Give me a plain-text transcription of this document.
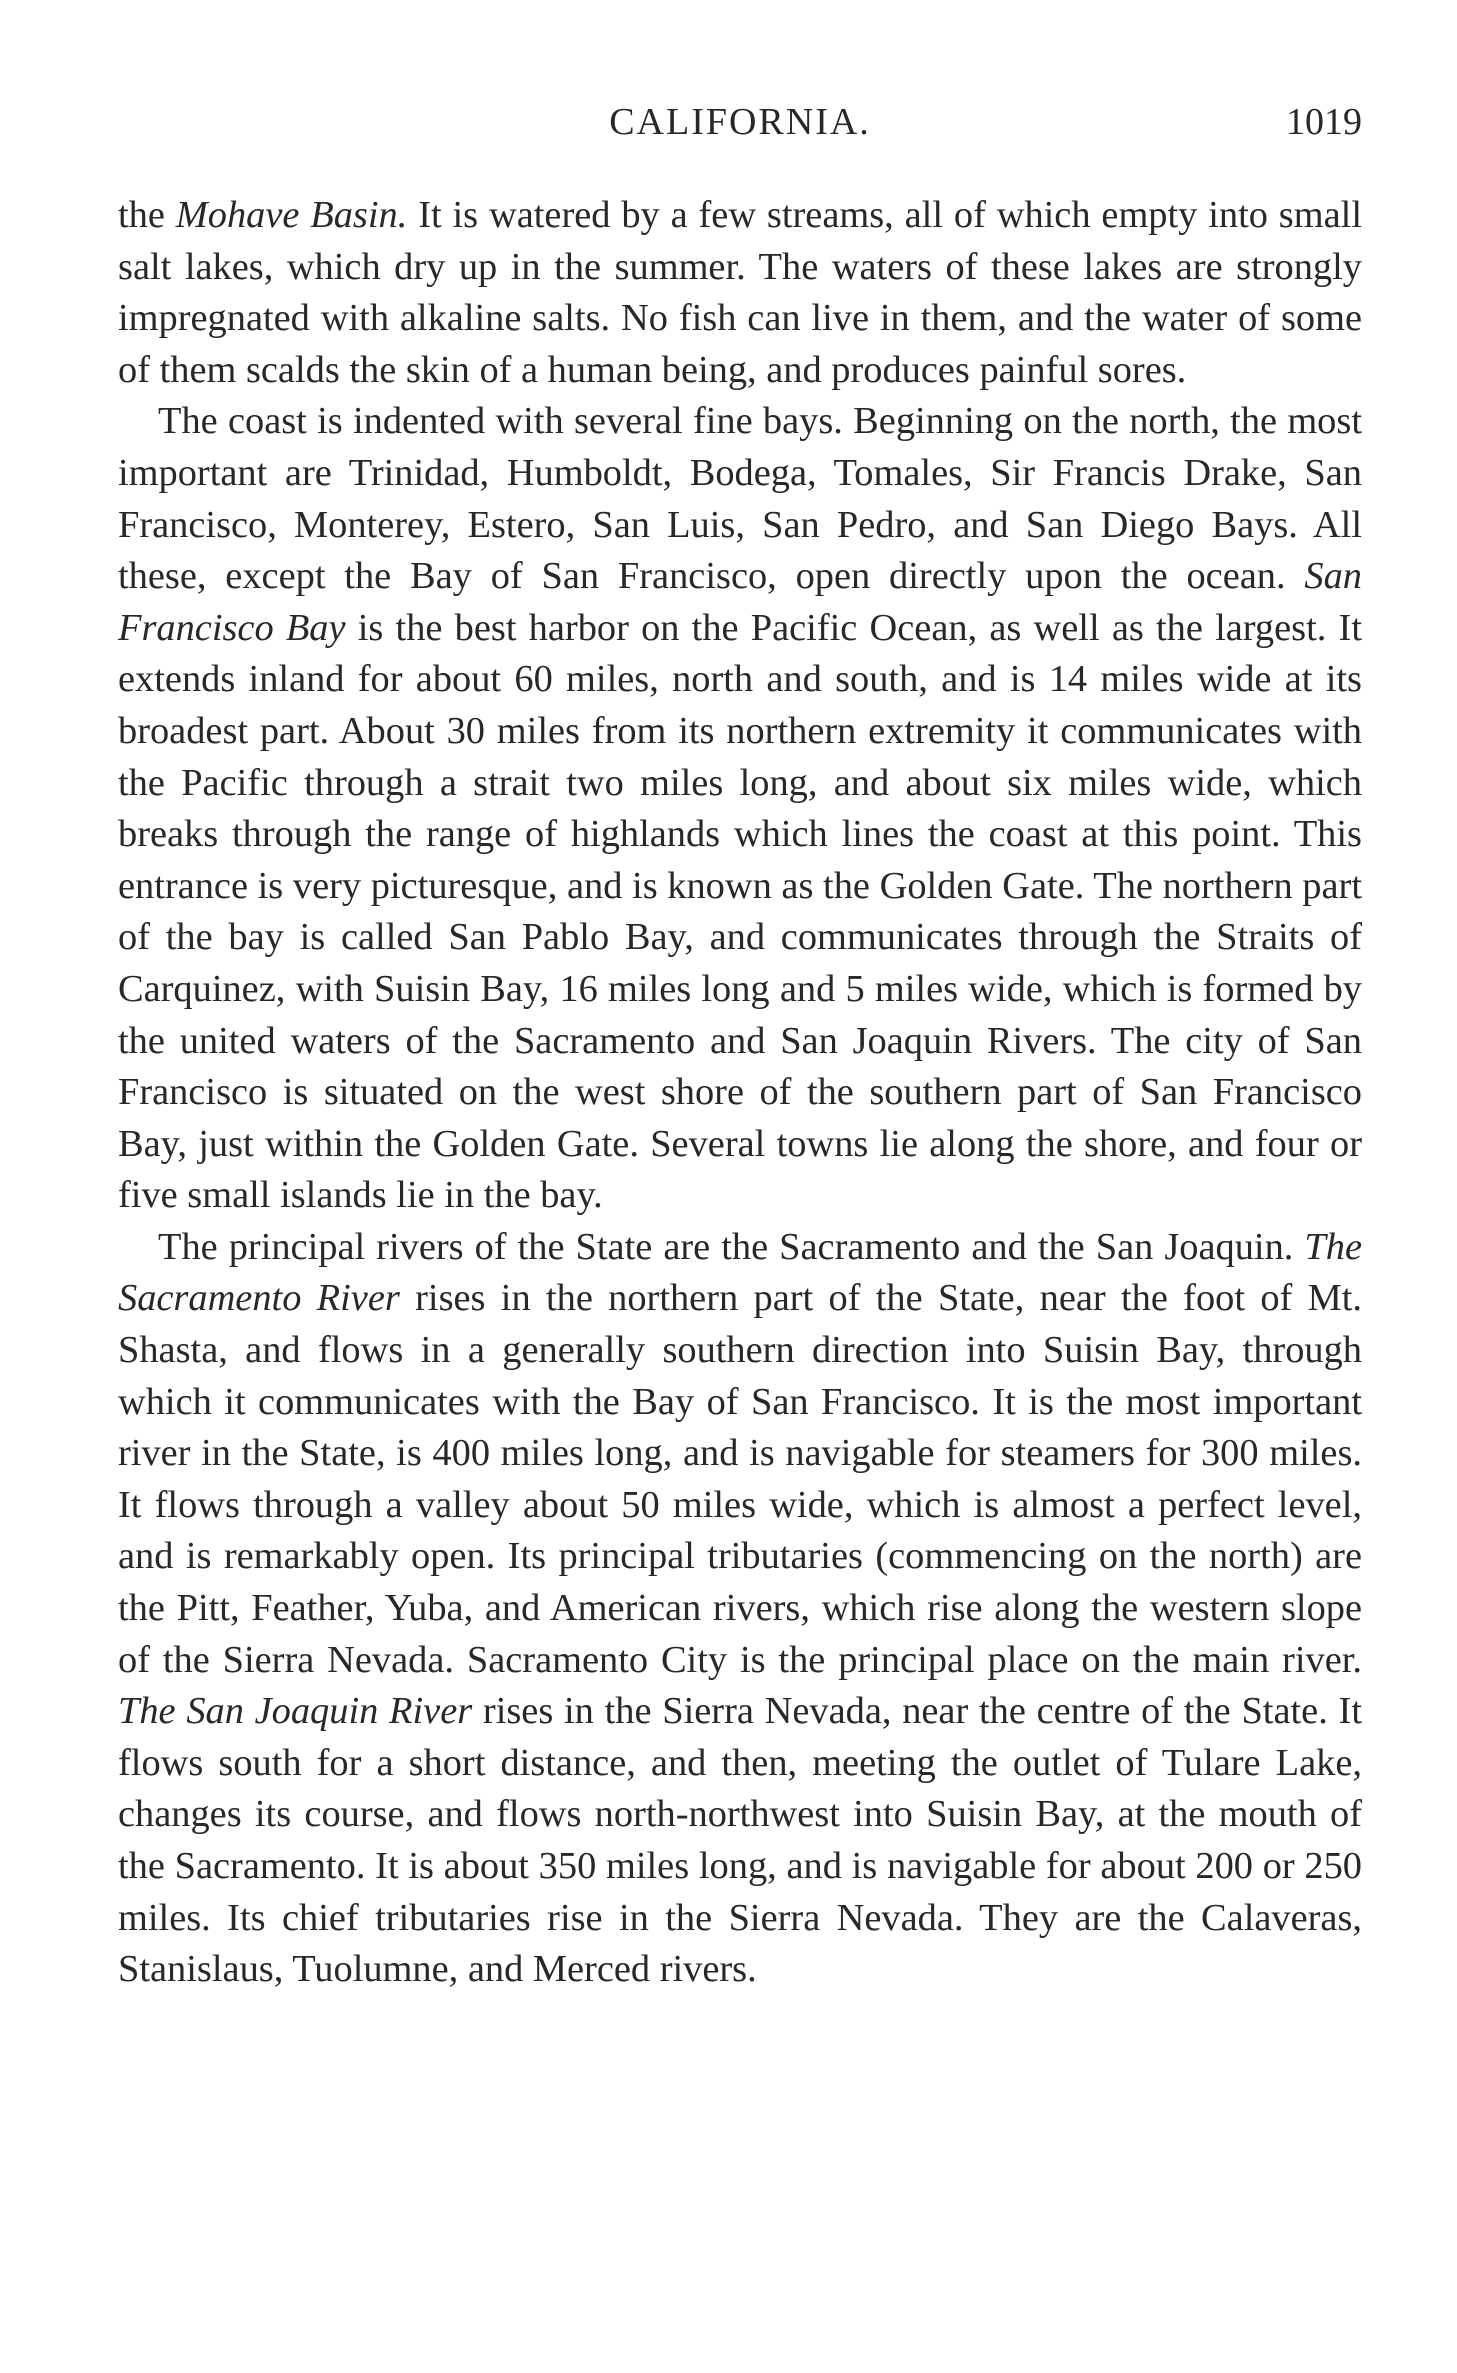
CALIFORNIA.	1019

the Mohave Basin. It is watered by a few streams, all of which empty into small salt lakes, which dry up in the summer. The waters of these lakes are strongly impregnated with alkaline salts. No fish can live in them, and the water of some of them scalds the skin of a human being, and produces painful sores.

The coast is indented with several fine bays. Beginning on the north, the most important are Trinidad, Humboldt, Bodega, Tomales, Sir Francis Drake, San Francisco, Monterey, Estero, San Luis, San Pedro, and San Diego Bays. All these, except the Bay of San Francisco, open directly upon the ocean. San Francisco Bay is the best harbor on the Pacific Ocean, as well as the largest. It extends inland for about 60 miles, north and south, and is 14 miles wide at its broadest part. About 30 miles from its northern extremity it communicates with the Pacific through a strait two miles long, and about six miles wide, which breaks through the range of highlands which lines the coast at this point. This entrance is very picturesque, and is known as the Golden Gate. The northern part of the bay is called San Pablo Bay, and communicates through the Straits of Carquinez, with Suisin Bay, 16 miles long and 5 miles wide, which is formed by the united waters of the Sacramento and San Joaquin Rivers. The city of San Francisco is situated on the west shore of the southern part of San Francisco Bay, just within the Golden Gate. Several towns lie along the shore, and four or five small islands lie in the bay.

The principal rivers of the State are the Sacramento and the San Joaquin. The Sacramento River rises in the northern part of the State, near the foot of Mt. Shasta, and flows in a generally southern direction into Suisin Bay, through which it communicates with the Bay of San Francisco. It is the most important river in the State, is 400 miles long, and is navigable for steamers for 300 miles. It flows through a valley about 50 miles wide, which is almost a perfect level, and is remarkably open. Its principal tributaries (commencing on the north) are the Pitt, Feather, Yuba, and American rivers, which rise along the western slope of the Sierra Nevada. Sacramento City is the principal place on the main river. The San Joaquin River rises in the Sierra Nevada, near the centre of the State. It flows south for a short distance, and then, meeting the outlet of Tulare Lake, changes its course, and flows north-northwest into Suisin Bay, at the mouth of the Sacramento. It is about 350 miles long, and is navigable for about 200 or 250 miles. Its chief tributaries rise in the Sierra Nevada. They are the Calaveras, Stanislaus, Tuolumne, and Merced rivers.
